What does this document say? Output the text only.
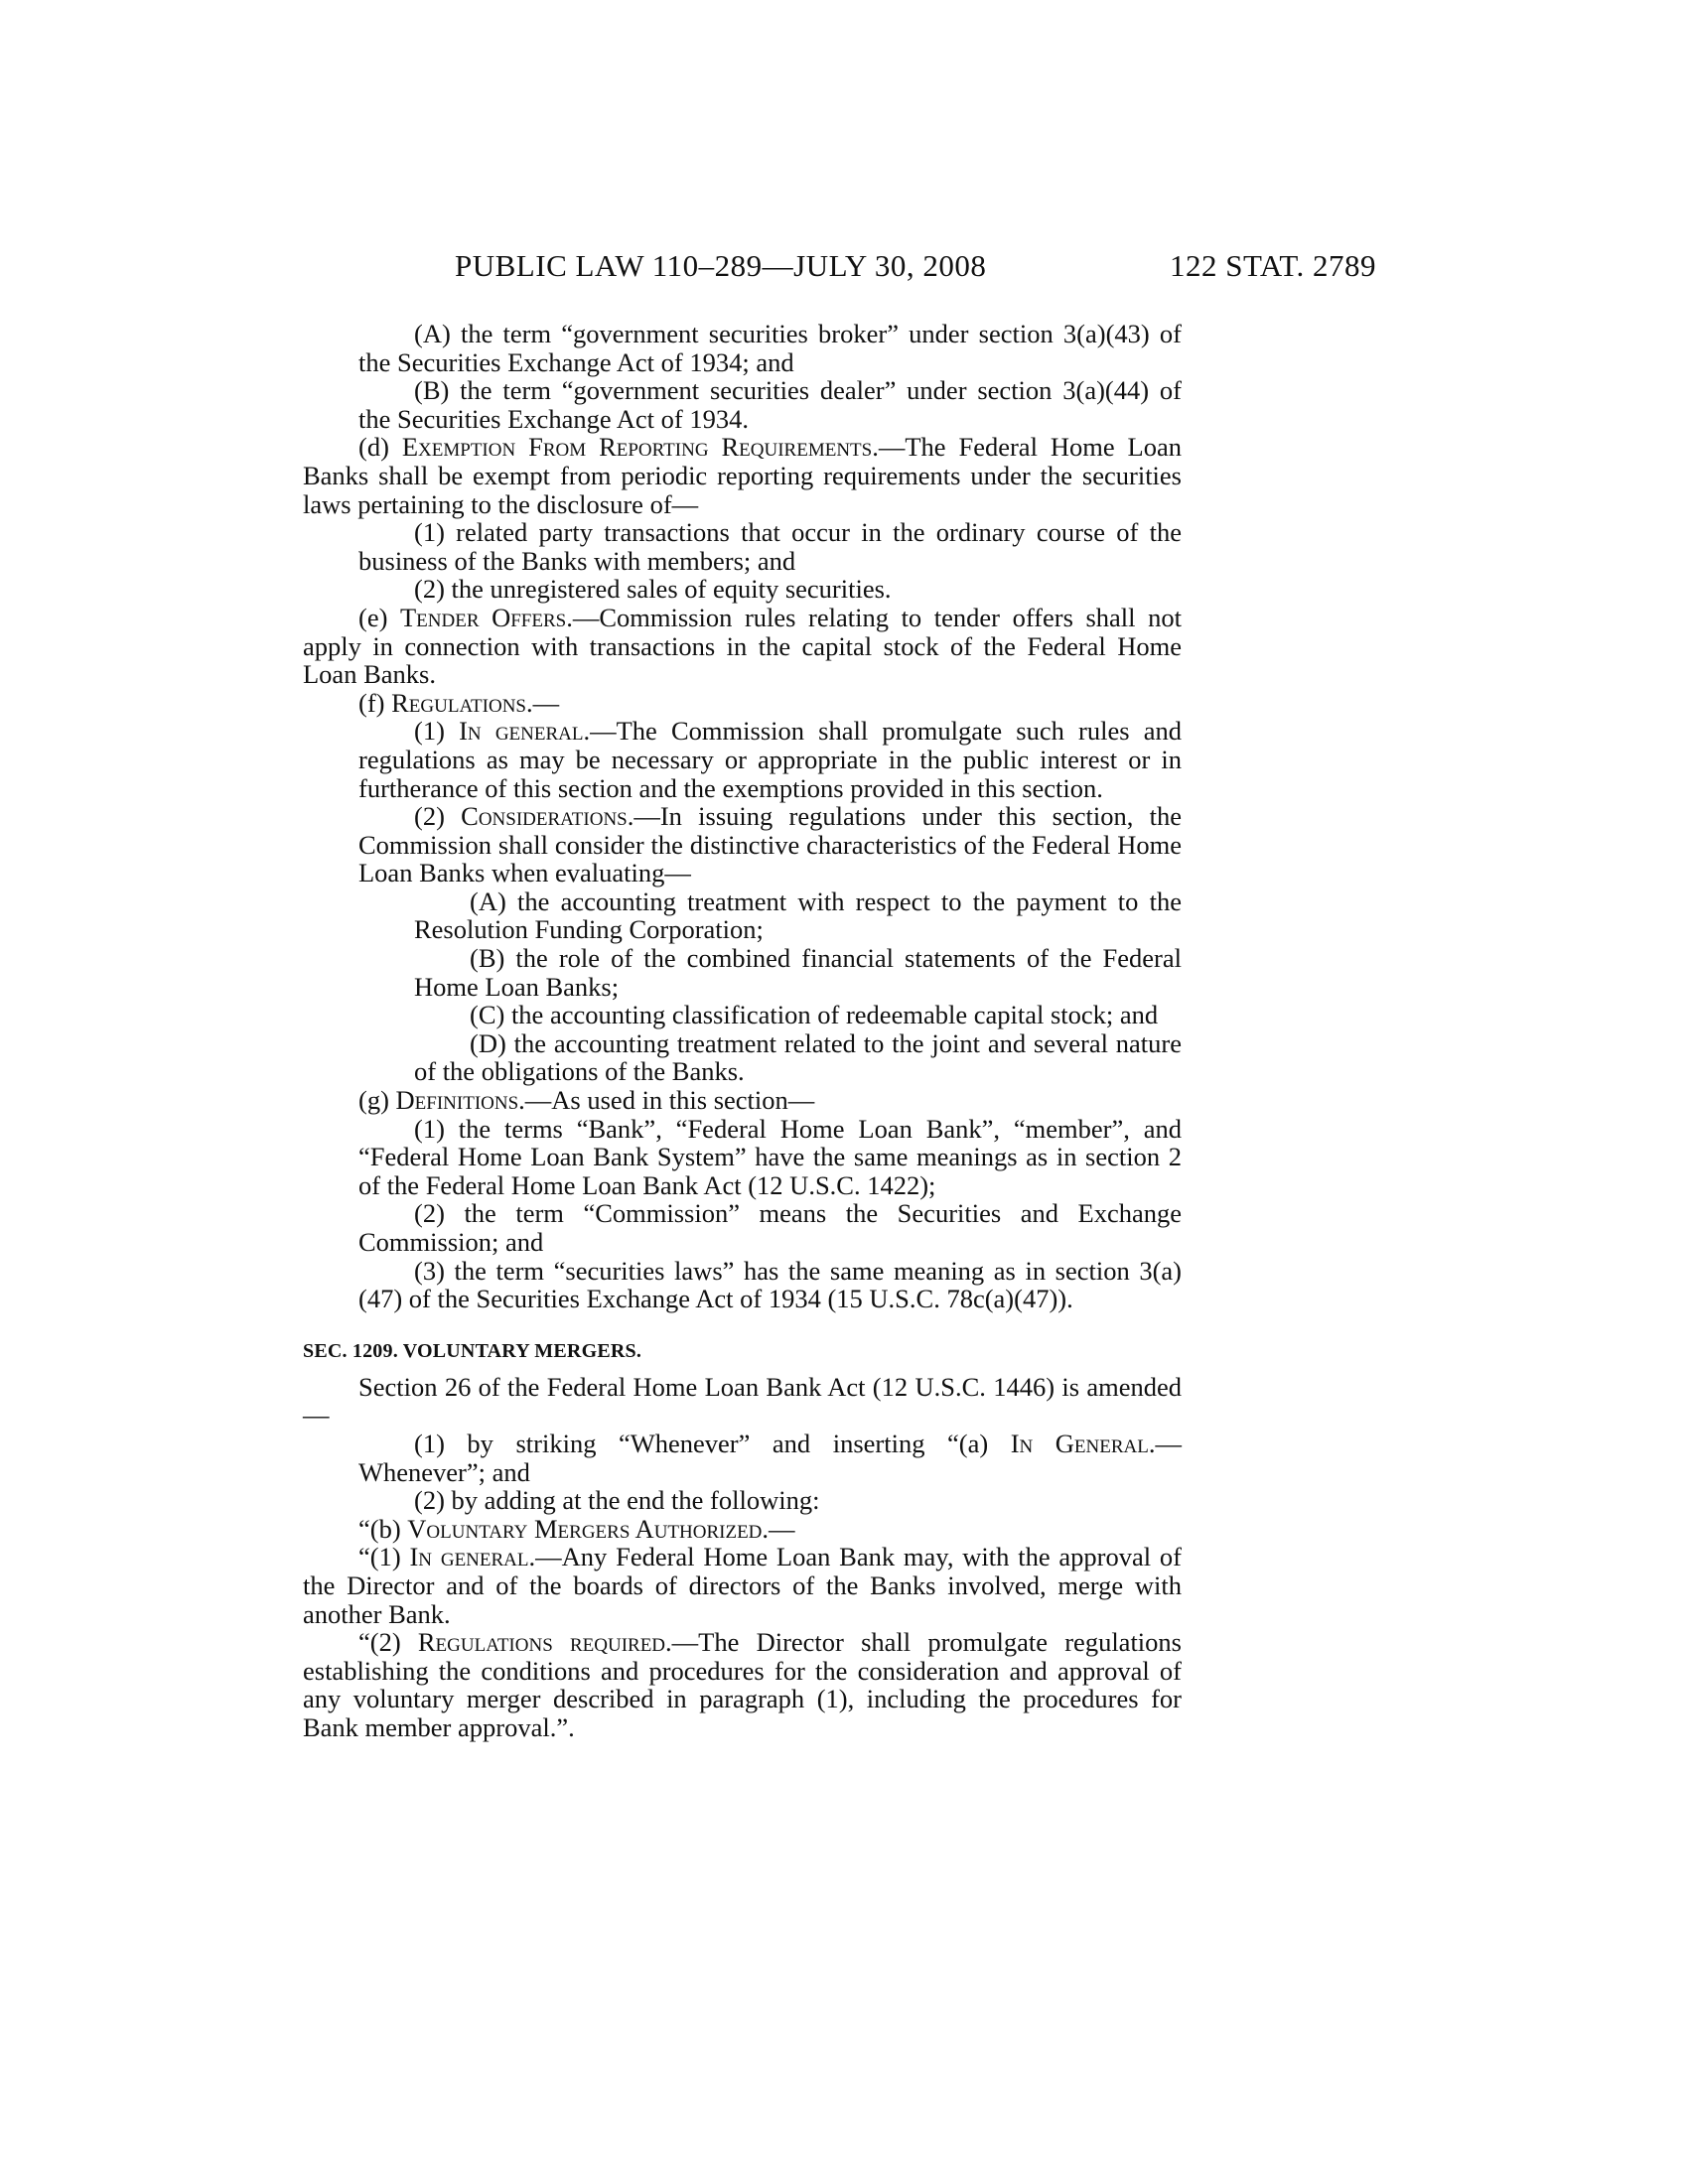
PUBLIC LAW 110–289—JULY 30, 2008	122 STAT. 2789

(A) the term “government securities broker” under section 3(a)(43) of the Securities Exchange Act of 1934; and

(B) the term “government securities dealer” under section 3(a)(44) of the Securities Exchange Act of 1934.

(d) Exemption From Reporting Requirements.—The Federal Home Loan Banks shall be exempt from periodic reporting requirements under the securities laws pertaining to the disclosure of—

(1) related party transactions that occur in the ordinary course of the business of the Banks with members; and

(2) the unregistered sales of equity securities.

(e) Tender Offers.—Commission rules relating to tender offers shall not apply in connection with transactions in the capital stock of the Federal Home Loan Banks.

(f) Regulations.—

(1) In general.—The Commission shall promulgate such rules and regulations as may be necessary or appropriate in the public interest or in furtherance of this section and the exemptions provided in this section.

(2) Considerations.—In issuing regulations under this section, the Commission shall consider the distinctive characteristics of the Federal Home Loan Banks when evaluating—

(A) the accounting treatment with respect to the payment to the Resolution Funding Corporation;

(B) the role of the combined financial statements of the Federal Home Loan Banks;

(C) the accounting classification of redeemable capital stock; and

(D) the accounting treatment related to the joint and several nature of the obligations of the Banks.

(g) Definitions.—As used in this section—

(1) the terms “Bank”, “Federal Home Loan Bank”, “member”, and “Federal Home Loan Bank System” have the same meanings as in section 2 of the Federal Home Loan Bank Act (12 U.S.C. 1422);

(2) the term “Commission” means the Securities and Exchange Commission; and

(3) the term “securities laws” has the same meaning as in section 3(a)(47) of the Securities Exchange Act of 1934 (15 U.S.C. 78c(a)(47)).

SEC. 1209. VOLUNTARY MERGERS.

Section 26 of the Federal Home Loan Bank Act (12 U.S.C. 1446) is amended—

(1) by striking “Whenever” and inserting “(a) In General.—Whenever”; and

(2) by adding at the end the following:

“(b) Voluntary Mergers Authorized.—

“(1) In general.—Any Federal Home Loan Bank may, with the approval of the Director and of the boards of directors of the Banks involved, merge with another Bank.

“(2) Regulations required.—The Director shall promulgate regulations establishing the conditions and procedures for the consideration and approval of any voluntary merger described in paragraph (1), including the procedures for Bank member approval.”.
